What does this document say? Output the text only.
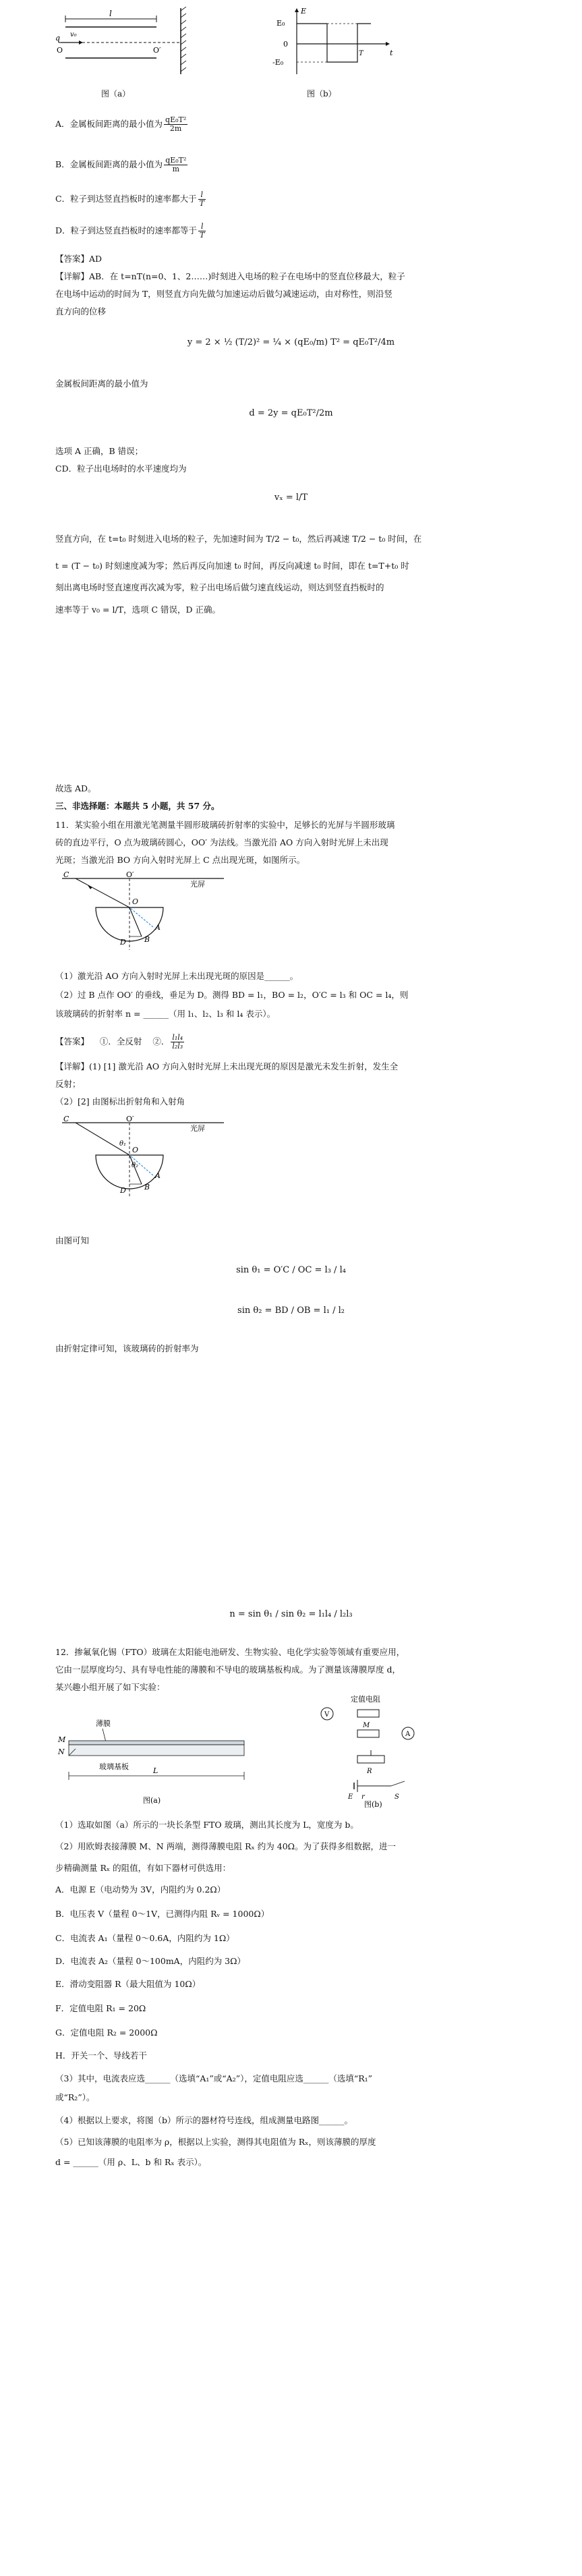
l
q v₀
O	O′
图（a）
E
E₀
0
-E₀
t
T
图（b）
A．金属板间距离的最小值为 $\frac{\text{qE₀T²}}{2m}$
B．金属板间距离的最小值为 $\frac{\text{qE₀T²}}{m}$
C．粒子到达竖直挡板时的速率都大于 $\frac{l}{T}$
D．粒子到达竖直挡板时的速率都等于 $\frac{l}{T}$
【答案】AD
【详解】AB．在 t=nT(n=0、1、2……)时刻进入电场的粒子在电场中的竖直位移最大，粒子
在电场中运动的时间为 T，则竖直方向先做匀加速运动后做匀减速运动，由对称性，则沿竖
直方向的位移
y = 2 × ½ (T/2)² = ¼ × (qE₀/m) T² = qE₀T²/4m
金属板间距离的最小值为
d = 2y = qE₀T²/2m
选项 A 正确，B 错误；
CD．粒子出电场时的水平速度均为
vₓ = l/T
竖直方向，在 t=t₀ 时刻进入电场的粒子，先加速时间为 T/2 − t₀，然后再减速 T/2 − t₀ 时间，在
t = (T − t₀) 时刻速度减为零；然后再反向加速 t₀ 时间，再反向减速 t₀ 时间，即在 t=T+t₀ 时
刻出离电场时竖直速度再次减为零，粒子出电场后做匀速直线运动，则达到竖直挡板时的
速率等于 v₀ = l/T，选项 C 错误，D 正确。
故选 AD。
三、非选择题：本题共 5 小题，共 57 分。
11．某实验小组在用激光笔测量半圆形玻璃砖折射率的实验中，足够长的光屏与半圆形玻璃
砖的直边平行，O 点为玻璃砖圆心，OO′ 为法线。当激光沿 AO 方向入射时光屏上未出现
光斑；当激光沿 BO 方向入射时光屏上 C 点出现光斑，如图所示。
C	O′
光屏
O
A
B
D
（1）激光沿 AO 方向入射时光屏上未出现光斑的原因是______。
（2）过 B 点作 OO′ 的垂线，垂足为 D。测得 BD = l₁，BO = l₂，O′C = l₃ 和 OC = l₄，则
该玻璃砖的折射率 n = ______（用 l₁、l₂、l₃ 和 l₄ 表示）。
【答案】 ①．全反射 ②． $\frac{\text{l₁l₄}}{\text{l₂l₃}}$
【详解】(1) [1] 激光沿 AO 方向入射时光屏上未出现光斑的原因是激光未发生折射，发生全
反射；
（2）[2] 由图标出折射角和入射角
C	O′
光屏
θ₁
θ₂
O
A
B
D
由图可知
sin θ₁ = O′C / OC = l₃ / l₄
sin θ₂ = BD / OB = l₁ / l₂
由折射定律可知，该玻璃砖的折射率为
n = sin θ₁ / sin θ₂ = l₁l₄ / l₂l₃
12．掺氟氧化锡（FTO）玻璃在太阳能电池研发、生物实验、电化学实验等领域有重要应用，
它由一层厚度均匀、具有导电性能的薄膜和不导电的玻璃基板构成。为了测量该薄膜厚度 d，
某兴趣小组开展了如下实验：
薄膜
M
N
玻璃基板	L
图(a)
定值电阻
V
M
A
R
E r	S
图(b)
（1）选取如图（a）所示的一块长条型 FTO 玻璃，测出其长度为 L，宽度为 b。
（2）用欧姆表接薄膜 M、N 两端，测得薄膜电阻 Rₓ 约为 40Ω。为了获得多组数据，进一
步精确测量 Rₓ 的阻值，有如下器材可供选用：
A．电源 E（电动势为 3V，内阻约为 0.2Ω）
B．电压表 V（量程 0～1V，已测得内阻 Rᵥ = 1000Ω）
C．电流表 A₁（量程 0～0.6A，内阻约为 1Ω）
D．电流表 A₂（量程 0～100mA，内阻约为 3Ω）
E．滑动变阻器 R（最大阻值为 10Ω）
F．定值电阻 R₁ = 20Ω
G．定值电阻 R₂ = 2000Ω
H．开关一个、导线若干
（3）其中，电流表应选______（选填“A₁”或“A₂”），定值电阻应选______（选填“R₁”
或“R₂”）。
（4）根据以上要求，将图（b）所示的器材符号连线，组成测量电路图______。
（5）已知该薄膜的电阻率为 ρ，根据以上实验，测得其电阻值为 Rₓ，则该薄膜的厚度
d = ______（用 ρ、L、b 和 Rₓ 表示）。
